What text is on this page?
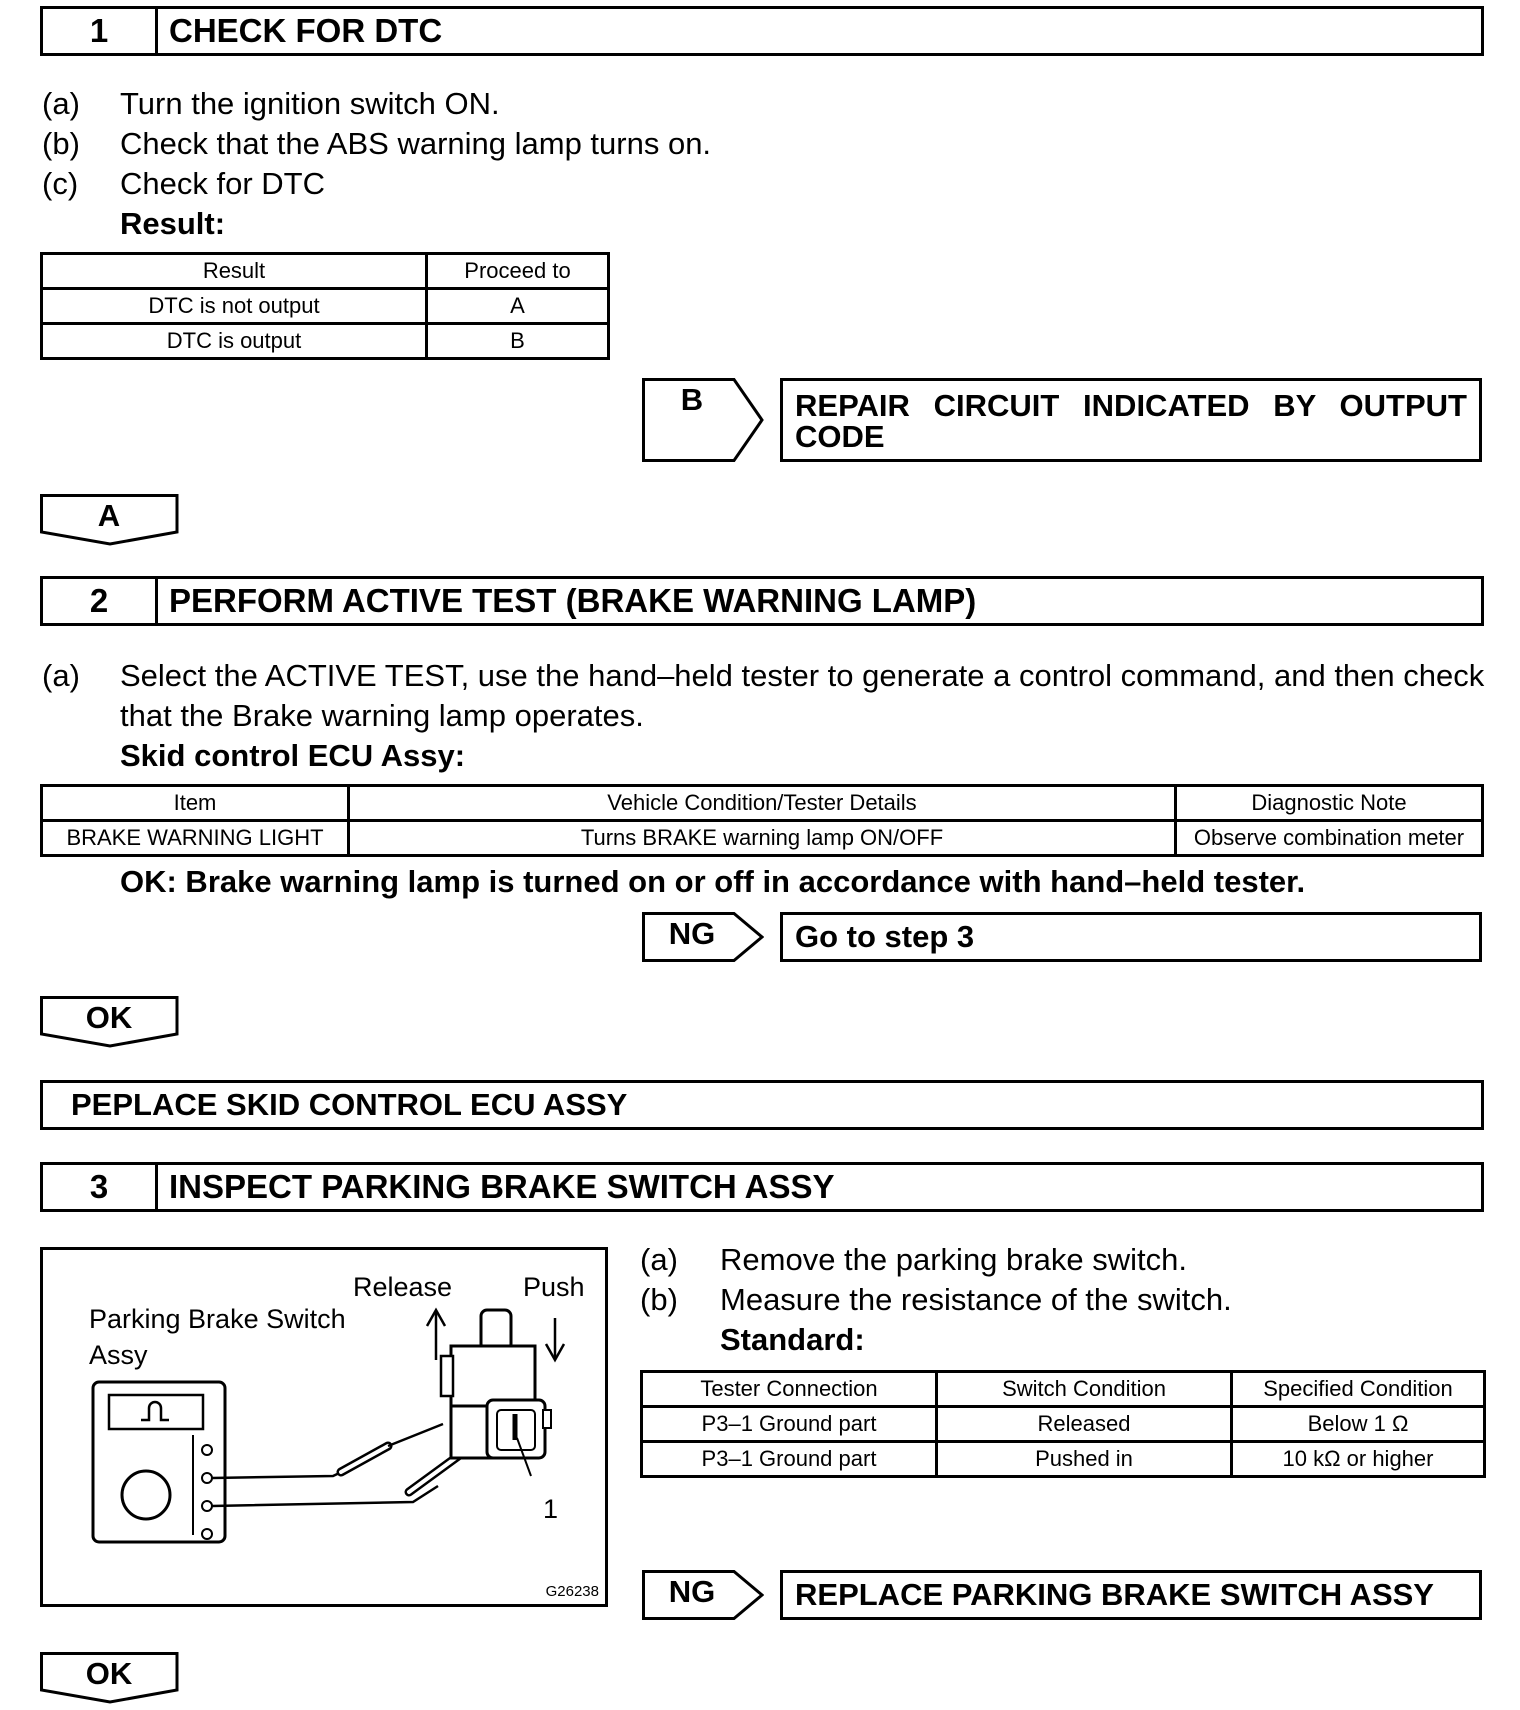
1	CHECK FOR DTC
(a) Turn the ignition switch ON.
(b) Check that the ABS warning lamp turns on.
(c) Check for DTC
Result:
Result	Proceed to
DTC is not output	A
DTC is output	B
B	REPAIR CIRCUIT INDICATED BY OUTPUT CODE
A
2	PERFORM ACTIVE TEST (BRAKE WARNING LAMP)
(a) Select the ACTIVE TEST, use the hand–held tester to generate a control command, and then check
that the Brake warning lamp operates.
Skid control ECU Assy:
Item	Vehicle Condition/Tester Details	Diagnostic Note
BRAKE WARNING LIGHT	Turns BRAKE warning lamp ON/OFF	Observe combination meter
OK: Brake warning lamp is turned on or off in accordance with hand–held tester.
NG	Go to step 3
OK
PEPLACE SKID CONTROL ECU ASSY
3	INSPECT PARKING BRAKE SWITCH ASSY
Release	Push
Parking Brake Switch
Assy
1
G26238
(a) Remove the parking brake switch.
(b) Measure the resistance of the switch.
Standard:
Tester Connection	Switch Condition	Specified Condition
P3–1 Ground part	Released	Below 1 Ω
P3–1 Ground part	Pushed in	10 kΩ or higher
NG	REPLACE PARKING BRAKE SWITCH ASSY
OK
